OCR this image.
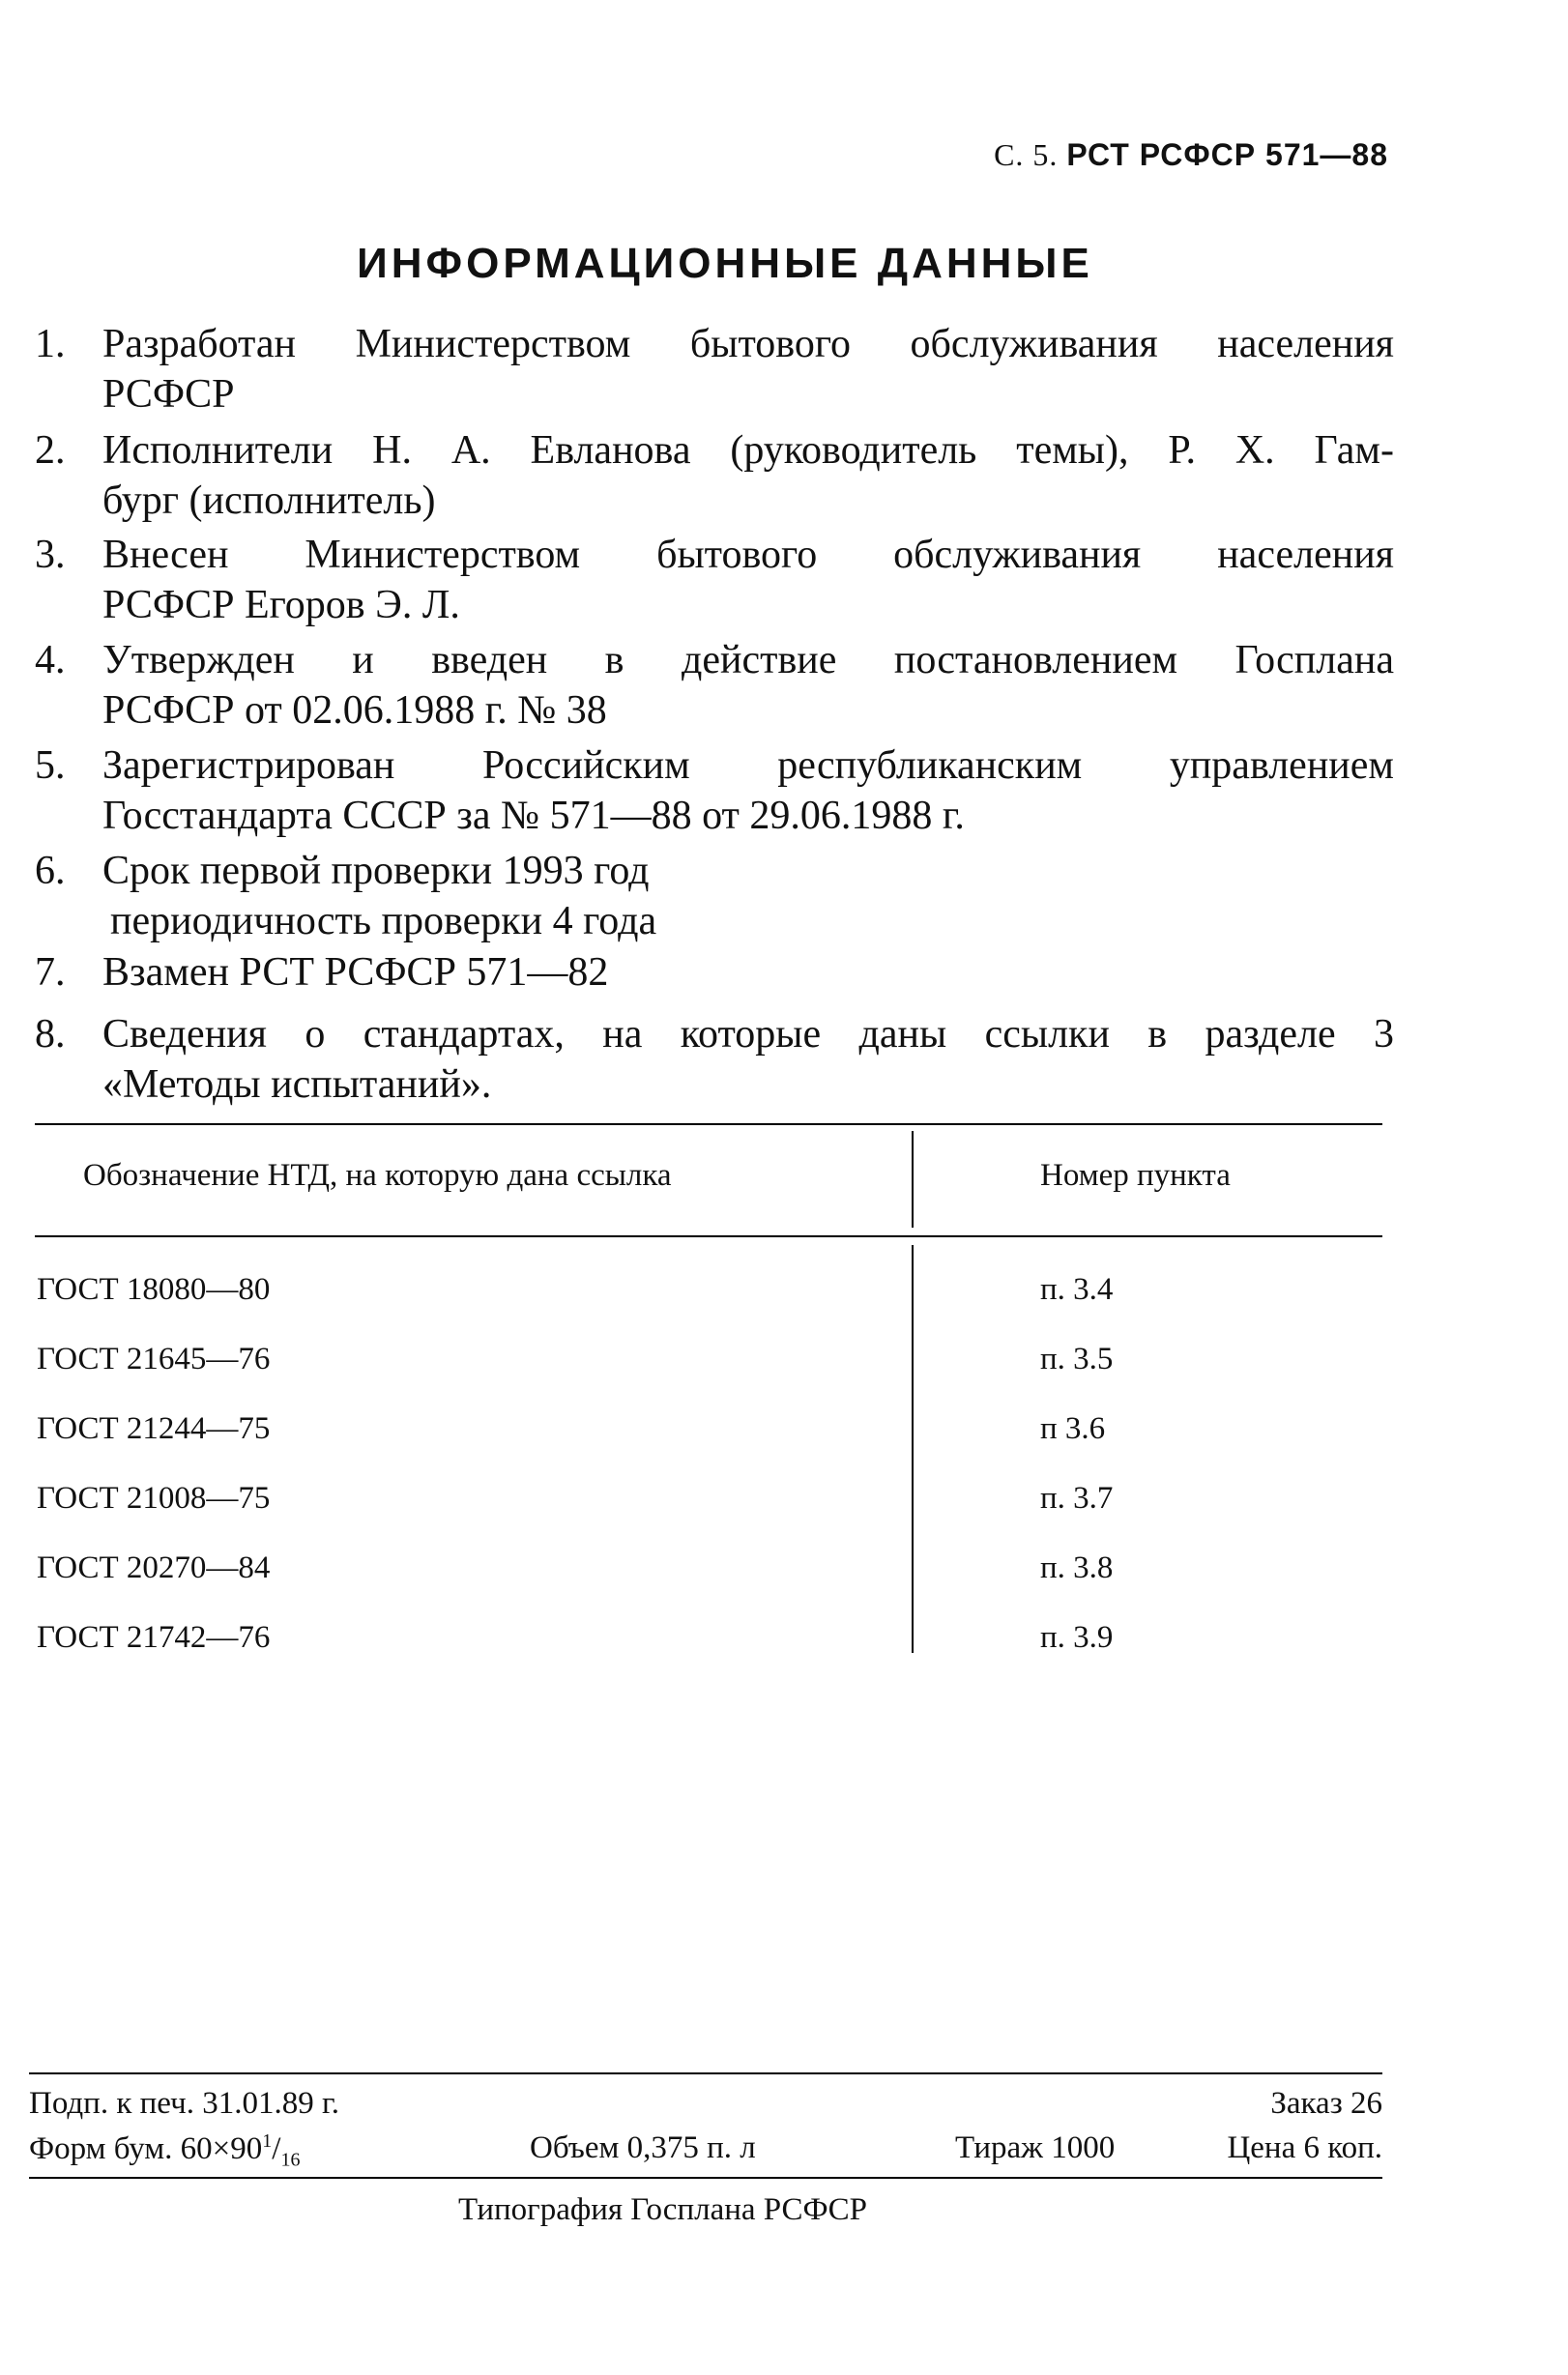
С. 5. РСТ РСФСР 571—88
ИНФОРМАЦИОННЫЕ ДАННЫЕ
1. Разработан Министерством бытового обслуживания населения
РСФСР
2. Исполнители Н. А. Евланова (руководитель темы), Р. Х. Гам-
бург (исполнитель)
3. Внесен Министерством бытового обслуживания населения
РСФСР Егоров Э. Л.
4. Утвержден и введен в действие постановлением Госплана
РСФСР от 02.06.1988 г. № 38
5. Зарегистрирован Российским республиканским управлением
Госстандарта СССР за № 571—88 от 29.06.1988 г.
6. Срок первой проверки 1993 год
периодичность проверки 4 года
7. Взамен РСТ РСФСР 571—82
8. Сведения о стандартах, на которые даны ссылки в разделе 3
«Методы испытаний».
Обозначение НТД, на которую дана ссылка	Номер пункта
ГОСТ 18080—80	п. 3.4
ГОСТ 21645—76	п. 3.5
ГОСТ 21244—75	п 3.6
ГОСТ 21008—75	п. 3.7
ГОСТ 20270—84	п. 3.8
ГОСТ 21742—76	п. 3.9
Подп. к печ. 31.01.89 г.	Заказ 26
Форм бум. $60\times 90^1/_{16}$	Объем 0,375 п. л	Тираж 1000	Цена 6 коп.
Типография Госплана РСФСР
